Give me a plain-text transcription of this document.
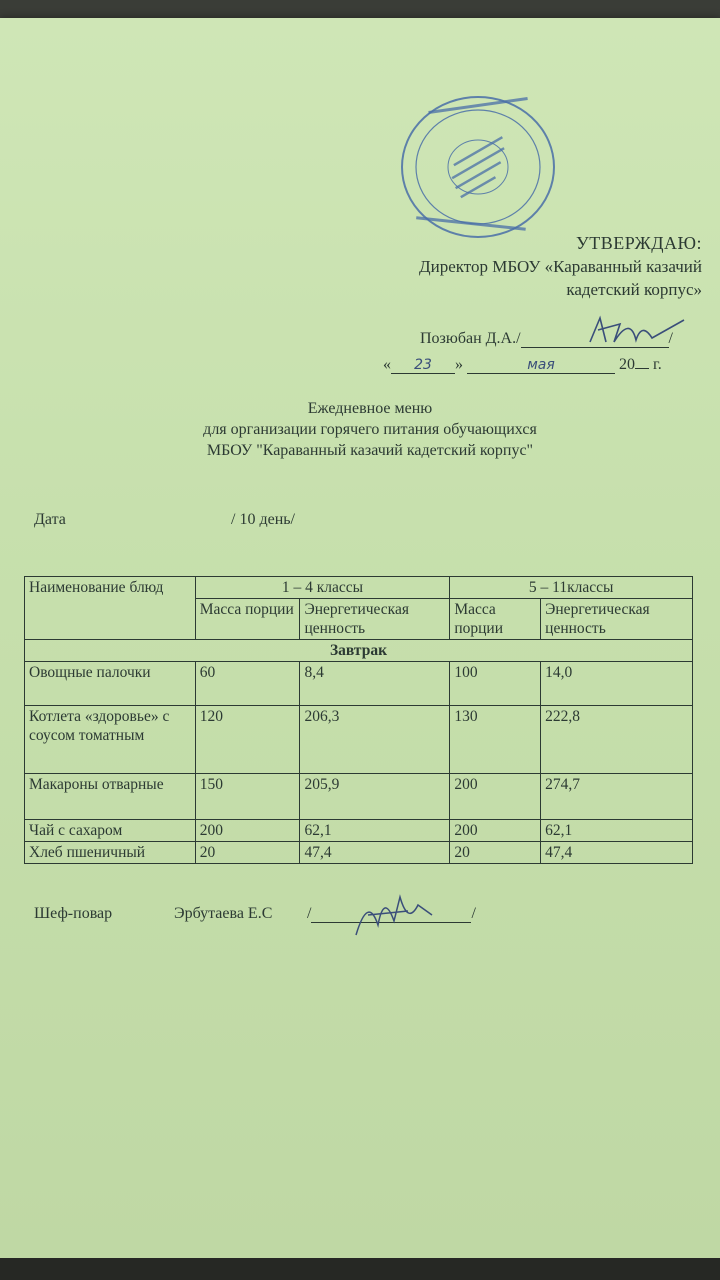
УТВЕРЖДАЮ:
Директор МБОУ «Караванный казачий
кадетский корпус»
Позюбан Д.А./	/
« 23 »	мая	20 г.
Ежедневное меню
для организации горячего питания обучающихся
МБОУ "Караванный казачий кадетский корпус"
Дата	/ 10 день/
Наименование блюд	1 – 4 классы		5 – 11классы	
	Масса порции	Энергетическая ценность	Масса порции	Энергетическая ценность
Завтрак				
Овощные палочки	60	8,4	100	14,0
Котлета «здоровье» с соусом томатным	120	206,3	130	222,8
Макароны отварные	150	205,9	200	274,7
Чай с сахаром	200	62,1	200	62,1
Хлеб пшеничный	20	47,4	20	47,4
Шеф-повар	Эрбутаева Е.С /	/
